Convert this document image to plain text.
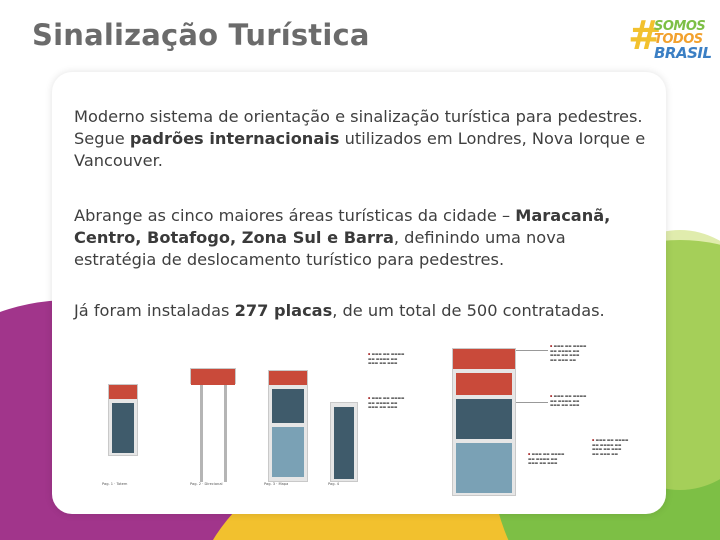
Sinalização Turística	#
SOMOS
TODOS
BRASIL

Moderno sistema de orientação e sinalização turística para pedestres. Segue padrões internacionais utilizados em Londres, Nova Iorque e Vancouver.

Abrange as cinco maiores áreas turísticas da cidade – Maracanã, Centro, Botafogo, Zona Sul e Barra, definindo uma nova estratégia de deslocamento turístico para pedestres.

Já foram instaladas 277 placas, de um total de 500 contratadas.

Pag. 1 · Totem	Pag. 2 · Direcional	Pag. 3 · Mapa	Pag. 4
▪ ▬▬▬ ▬▬ ▬▬▬▬
▬▬ ▬▬▬▬ ▬▬
▬▬▬ ▬▬ ▬▬▬
▪ ▬▬▬ ▬▬ ▬▬▬▬
▬▬ ▬▬▬▬ ▬▬
▬▬▬ ▬▬ ▬▬▬
▪ ▬▬▬ ▬▬ ▬▬▬▬
▬▬ ▬▬▬▬ ▬▬
▬▬▬ ▬▬ ▬▬▬
▬▬ ▬▬▬ ▬▬
▪ ▬▬▬ ▬▬ ▬▬▬▬
▬▬ ▬▬▬▬ ▬▬
▬▬▬ ▬▬ ▬▬▬
▪ ▬▬▬ ▬▬ ▬▬▬▬
▬▬ ▬▬▬▬ ▬▬
▬▬▬ ▬▬ ▬▬▬
▬▬ ▬▬▬ ▬▬
▪ ▬▬▬ ▬▬ ▬▬▬▬
▬▬ ▬▬▬▬ ▬▬
▬▬▬ ▬▬ ▬▬▬
